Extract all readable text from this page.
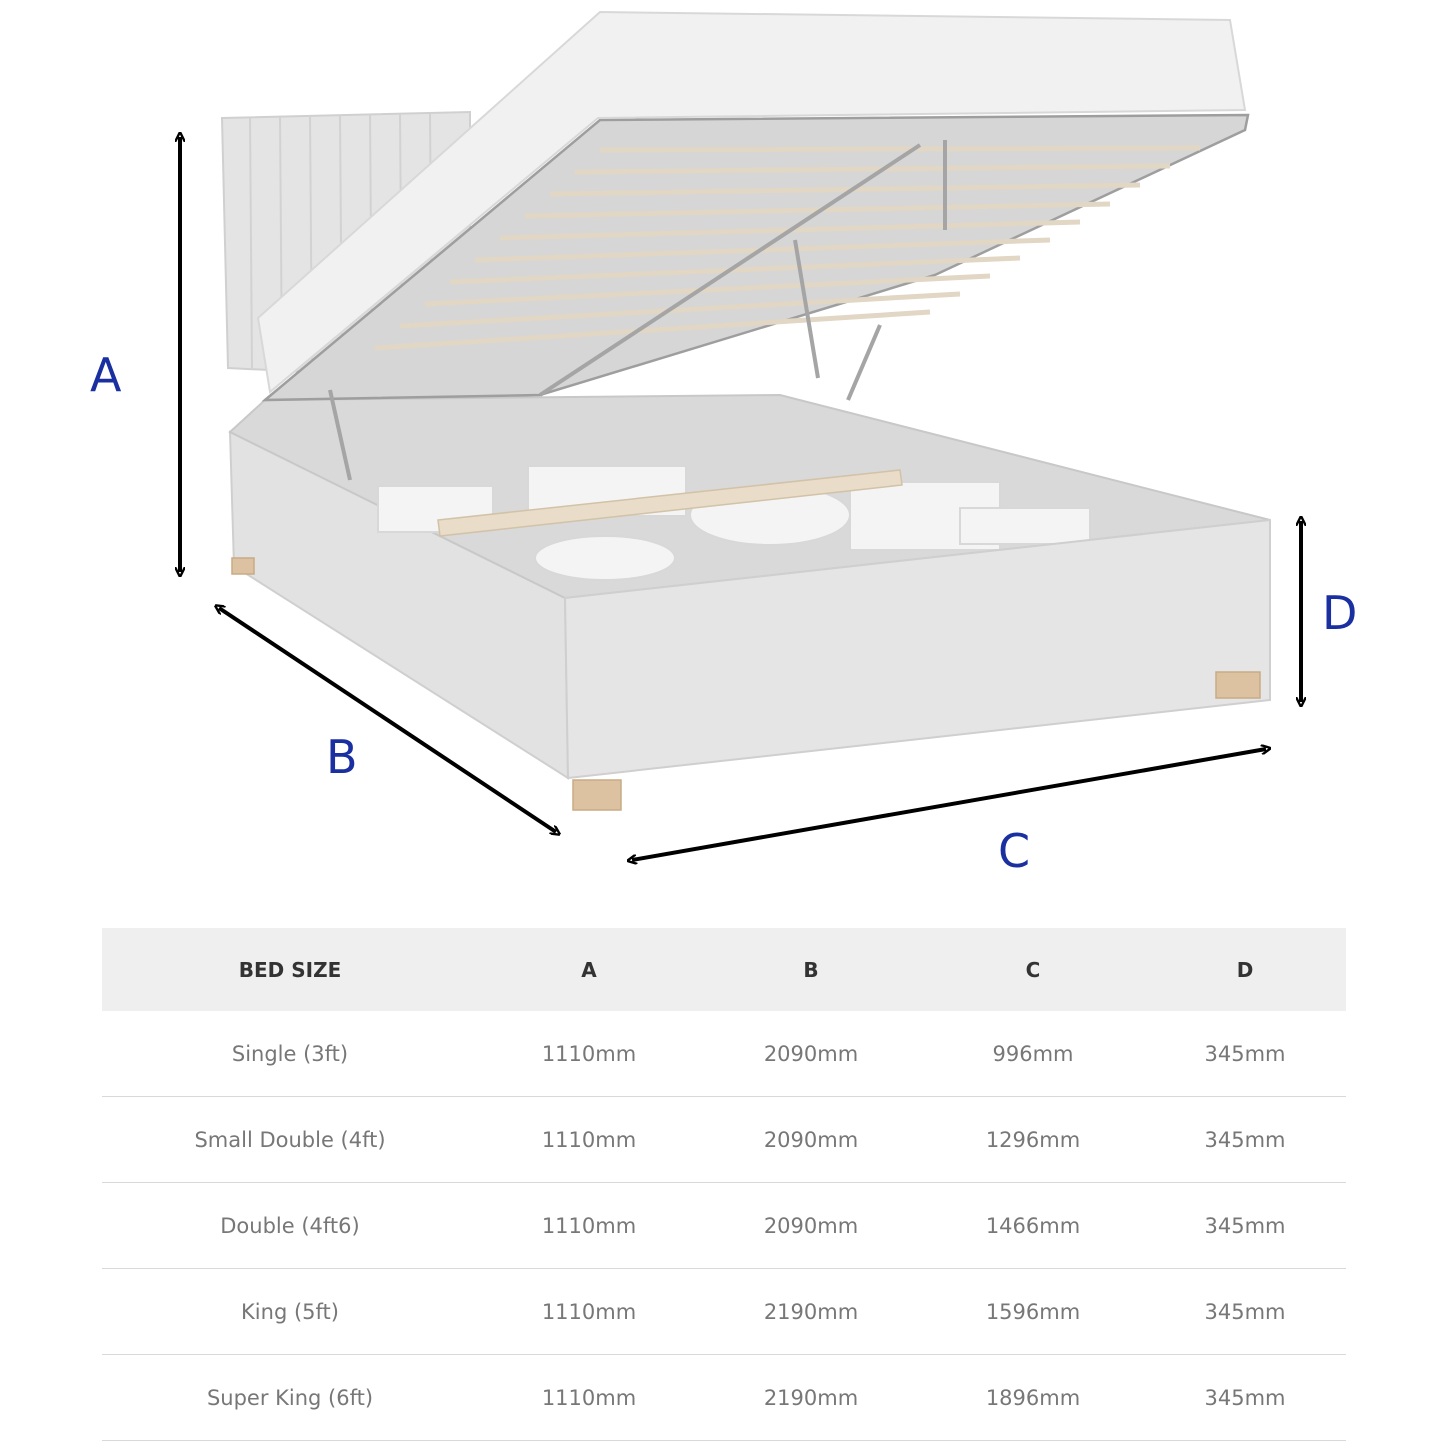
A
B
C
D
BED SIZE	A	B	C	D
Single (3ft)	1110mm	2090mm	996mm	345mm
Small Double (4ft)	1110mm	2090mm	1296mm	345mm
Double (4ft6)	1110mm	2090mm	1466mm	345mm
King (5ft)	1110mm	2190mm	1596mm	345mm
Super King (6ft)	1110mm	2190mm	1896mm	345mm
